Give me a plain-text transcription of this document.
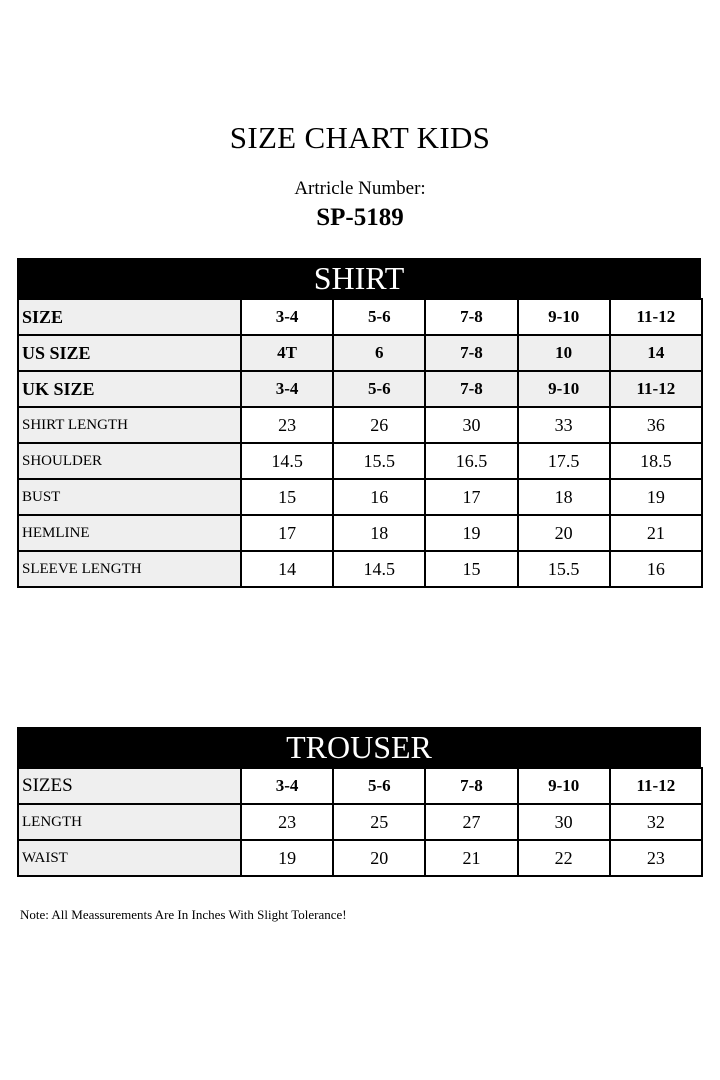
SIZE CHART KIDS
Artricle Number:
SP-5189
SHIRT
SIZE	3-4	5-6	7-8	9-10	11-12
US SIZE	4T	6	7-8	10	14
UK SIZE	3-4	5-6	7-8	9-10	11-12
SHIRT LENGTH	23	26	30	33	36
SHOULDER	14.5	15.5	16.5	17.5	18.5
BUST	15	16	17	18	19
HEMLINE	17	18	19	20	21
SLEEVE LENGTH	14	14.5	15	15.5	16
TROUSER
SIZES	3-4	5-6	7-8	9-10	11-12
LENGTH	23	25	27	30	32
WAIST	19	20	21	22	23
Note: All Meassurements Are In Inches With Slight Tolerance!
